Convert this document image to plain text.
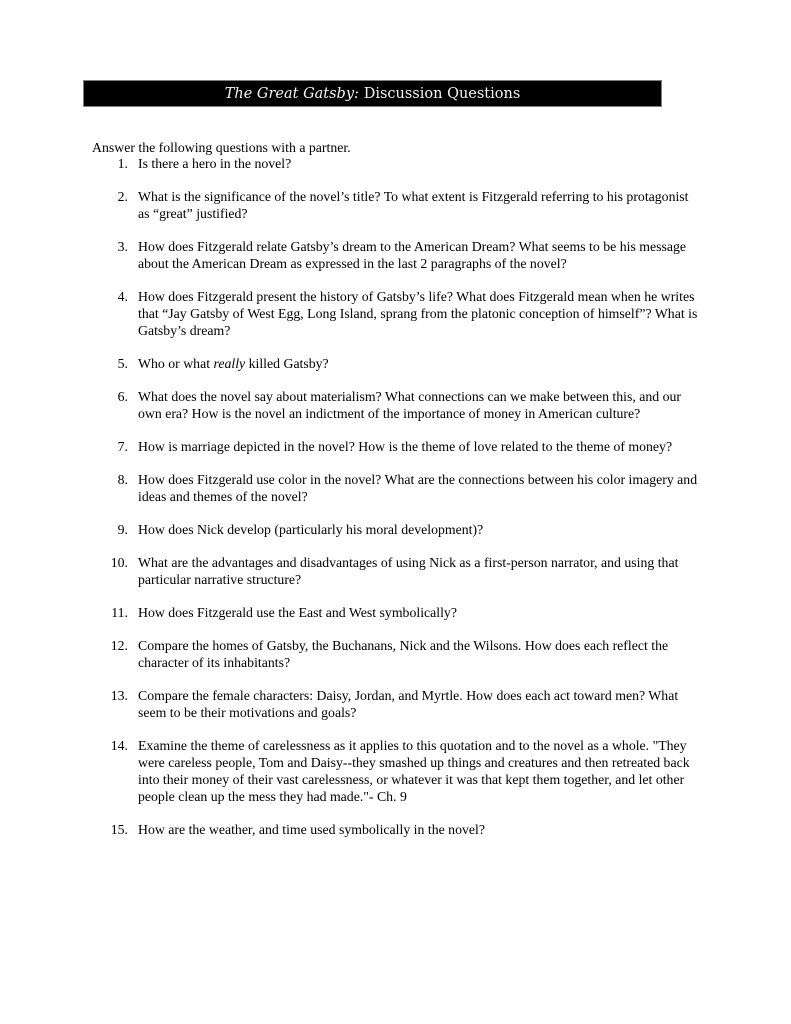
The Great Gatsby: Discussion Questions

Answer the following questions with a partner.

1. Is there a hero in the novel?
2. What is the significance of the novel’s title? To what extent is Fitzgerald referring to his protagonist as “great” justified?
3. How does Fitzgerald relate Gatsby’s dream to the American Dream? What seems to be his message about the American Dream as expressed in the last 2 paragraphs of the novel?
4. How does Fitzgerald present the history of Gatsby’s life? What does Fitzgerald mean when he writes that “Jay Gatsby of West Egg, Long Island, sprang from the platonic conception of himself”? What is Gatsby’s dream?
5. Who or what really killed Gatsby?
6. What does the novel say about materialism? What connections can we make between this, and our own era? How is the novel an indictment of the importance of money in American culture?
7. How is marriage depicted in the novel? How is the theme of love related to the theme of money?
8. How does Fitzgerald use color in the novel? What are the connections between his color imagery and ideas and themes of the novel?
9. How does Nick develop (particularly his moral development)?
10. What are the advantages and disadvantages of using Nick as a first-person narrator, and using that particular narrative structure?
11. How does Fitzgerald use the East and West symbolically?
12. Compare the homes of Gatsby, the Buchanans, Nick and the Wilsons. How does each reflect the character of its inhabitants?
13. Compare the female characters: Daisy, Jordan, and Myrtle. How does each act toward men? What seem to be their motivations and goals?
14. Examine the theme of carelessness as it applies to this quotation and to the novel as a whole. "They were careless people, Tom and Daisy--they smashed up things and creatures and then retreated back into their money of their vast carelessness, or whatever it was that kept them together, and let other people clean up the mess they had made."- Ch. 9
15. How are the weather, and time used symbolically in the novel?
